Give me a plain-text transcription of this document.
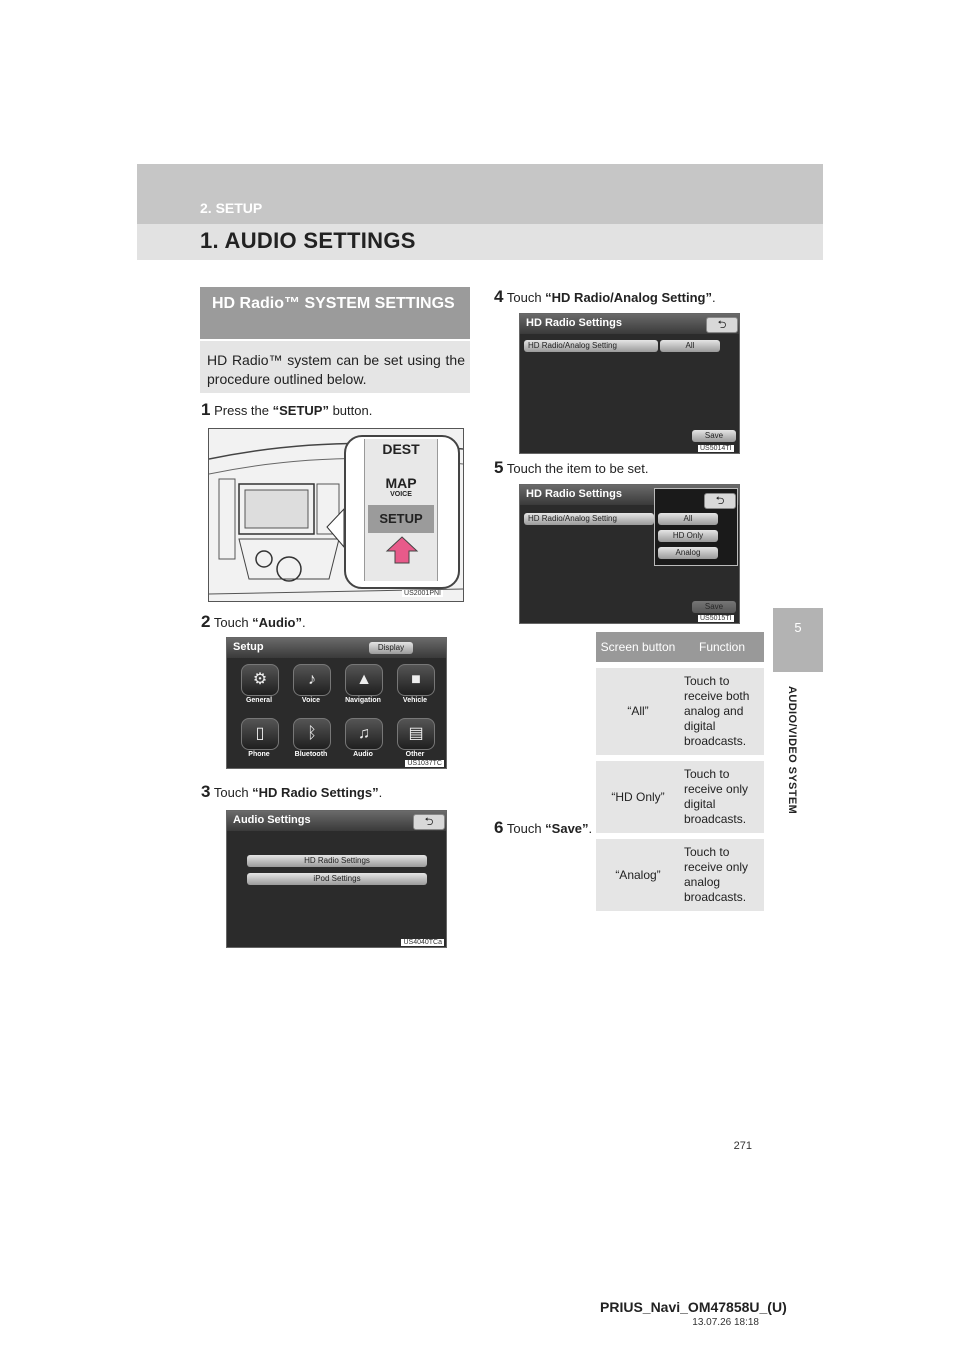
2. SETUP
1. AUDIO SETTINGS
5
AUDIO/VIDEO SYSTEM
HD Radio™ SYSTEM SETTINGS
HD Radio™ system can be set using the procedure outlined below.
1 Press the “SETUP” button.
DEST
MAP
VOICE
SETUP
US2001PNI
2 Touch “Audio”.
Setup	Display
⚙	♪	▲	■
General	Voice	Navigation	Vehicle
▯	ᛒ	♫	▤
Phone	Bluetooth	Audio	Other
US1037TC
3 Touch “HD Radio Settings”.
Audio Settings	⮌
HD Radio Settings
iPod Settings
US4040TCa
4 Touch “HD Radio/Analog Setting”.
HD Radio Settings	⮌
HD Radio/Analog Setting	All
Save
US5014TI
5 Touch the item to be set.
HD Radio Settings
⮌
HD Radio/Analog Setting	All
HD Only
Analog
Save
US5015TI
Screen button	Function
“All”	Touch to receive both analog and digital broadcasts.
“HD Only”	Touch to receive only digital broadcasts.
“Analog”	Touch to receive only analog broadcasts.
6 Touch “Save”.
271
PRIUS_Navi_OM47858U_(U)
13.07.26 18:18
